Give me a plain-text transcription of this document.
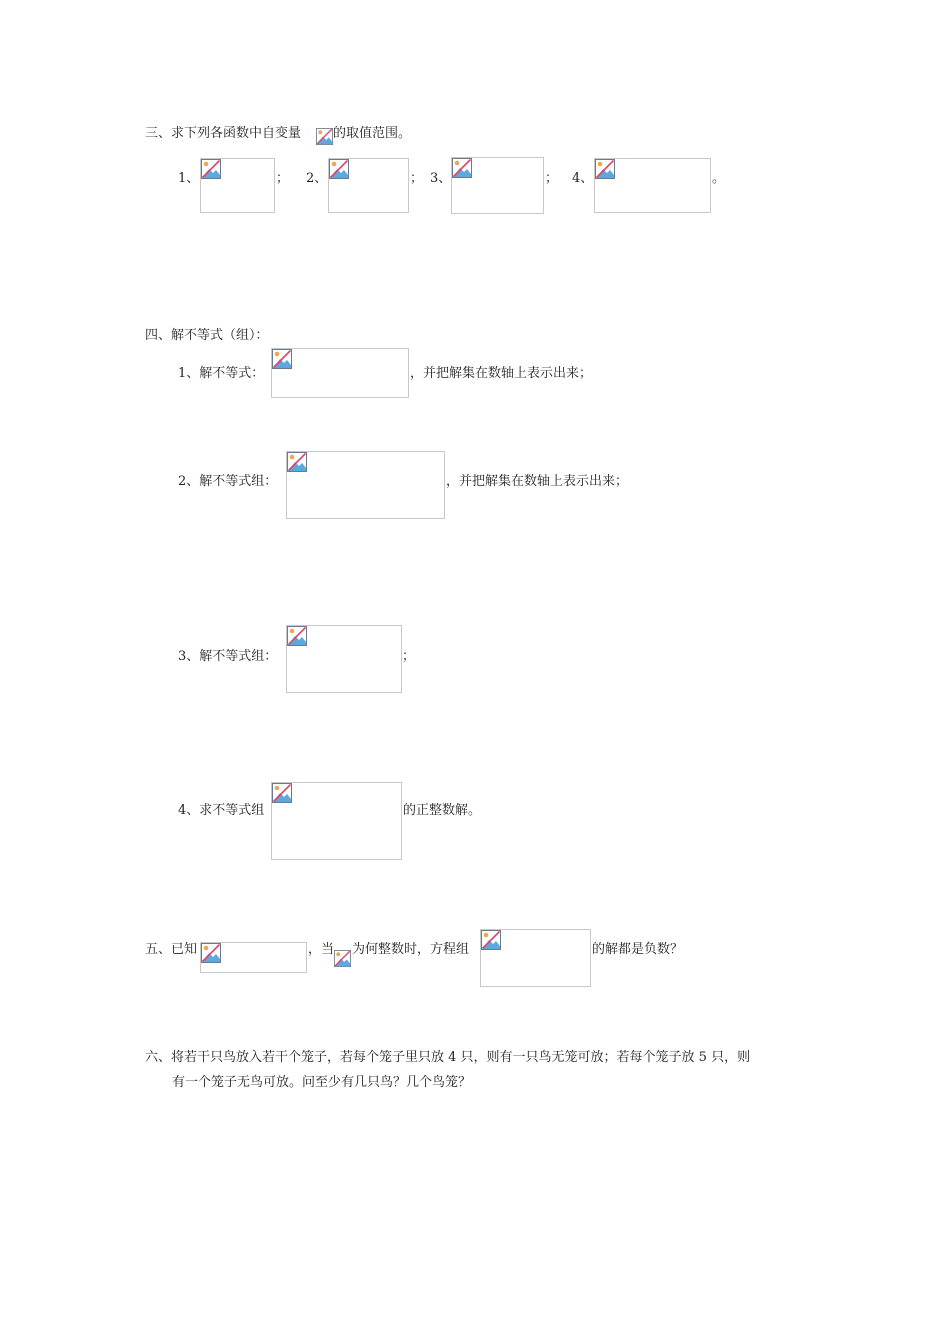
三、求下列各函数中自变量 的取值范围。
1、	； 2、	； 3、	； 4、	。
四、解不等式（组）：
1、解不等式：	，并把解集在数轴上表示出来；
2、解不等式组：	，并把解集在数轴上表示出来；
3、解不等式组：	；
4、求不等式组	的正整数解。
五、已知	，当 为何整数时，方程组	的解都是负数？
六、将若干只鸟放入若干个笼子，若每个笼子里只放 4 只，则有一只鸟无笼可放；若每个笼子放 5 只，则
有一个笼子无鸟可放。问至少有几只鸟？几个鸟笼？
